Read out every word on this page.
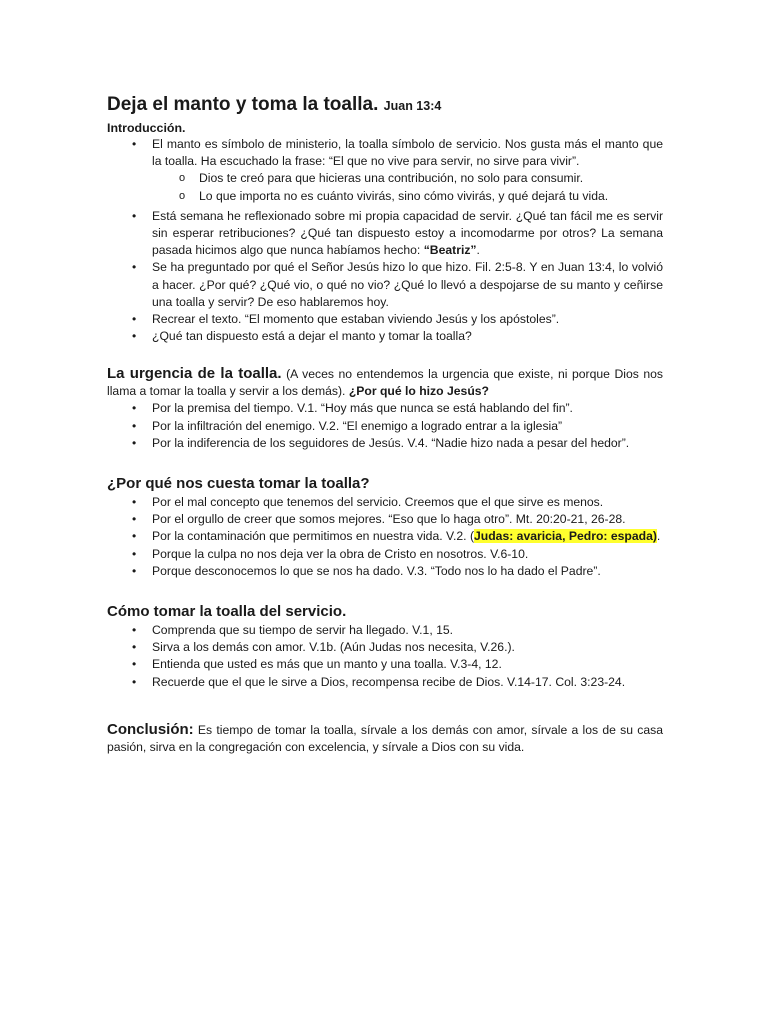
Deja el manto y toma la toalla. Juan 13:4
Introducción.
• El manto es símbolo de ministerio, la toalla símbolo de servicio. Nos gusta más el manto que la toalla. Ha escuchado la frase: “El que no vive para servir, no sirve para vivir”.
o Dios te creó para que hicieras una contribución, no solo para consumir.
o Lo que importa no es cuánto vivirás, sino cómo vivirás, y qué dejará tu vida.
• Está semana he reflexionado sobre mi propia capacidad de servir. ¿Qué tan fácil me es servir sin esperar retribuciones? ¿Qué tan dispuesto estoy a incomodarme por otros? La semana pasada hicimos algo que nunca habíamos hecho: “Beatriz”.
• Se ha preguntado por qué el Señor Jesús hizo lo que hizo. Fil. 2:5-8. Y en Juan 13:4, lo volvió a hacer. ¿Por qué? ¿Qué vio, o qué no vio? ¿Qué lo llevó a despojarse de su manto y ceñirse una toalla y servir? De eso hablaremos hoy.
• Recrear el texto. “El momento que estaban viviendo Jesús y los apóstoles”.
• ¿Qué tan dispuesto está a dejar el manto y tomar la toalla?
La urgencia de la toalla. (A veces no entendemos la urgencia que existe, ni porque Dios nos llama a tomar la toalla y servir a los demás). ¿Por qué lo hizo Jesús?
• Por la premisa del tiempo. V.1. “Hoy más que nunca se está hablando del fin”.
• Por la infiltración del enemigo. V.2. “El enemigo a logrado entrar a la iglesia”
• Por la indiferencia de los seguidores de Jesús. V.4. “Nadie hizo nada a pesar del hedor”.
¿Por qué nos cuesta tomar la toalla?
• Por el mal concepto que tenemos del servicio. Creemos que el que sirve es menos.
• Por el orgullo de creer que somos mejores. “Eso que lo haga otro”. Mt. 20:20-21, 26-28.
• Por la contaminación que permitimos en nuestra vida. V.2. (Judas: avaricia, Pedro: espada).
• Porque la culpa no nos deja ver la obra de Cristo en nosotros. V.6-10.
• Porque desconocemos lo que se nos ha dado. V.3. “Todo nos lo ha dado el Padre”.
Cómo tomar la toalla del servicio.
• Comprenda que su tiempo de servir ha llegado. V.1, 15.
• Sirva a los demás con amor. V.1b. (Aún Judas nos necesita, V.26.).
• Entienda que usted es más que un manto y una toalla. V.3-4, 12.
• Recuerde que el que le sirve a Dios, recompensa recibe de Dios. V.14-17. Col. 3:23-24.
Conclusión: Es tiempo de tomar la toalla, sírvale a los demás con amor, sírvale a los de su casa pasión, sirva en la congregación con excelencia, y sírvale a Dios con su vida.
